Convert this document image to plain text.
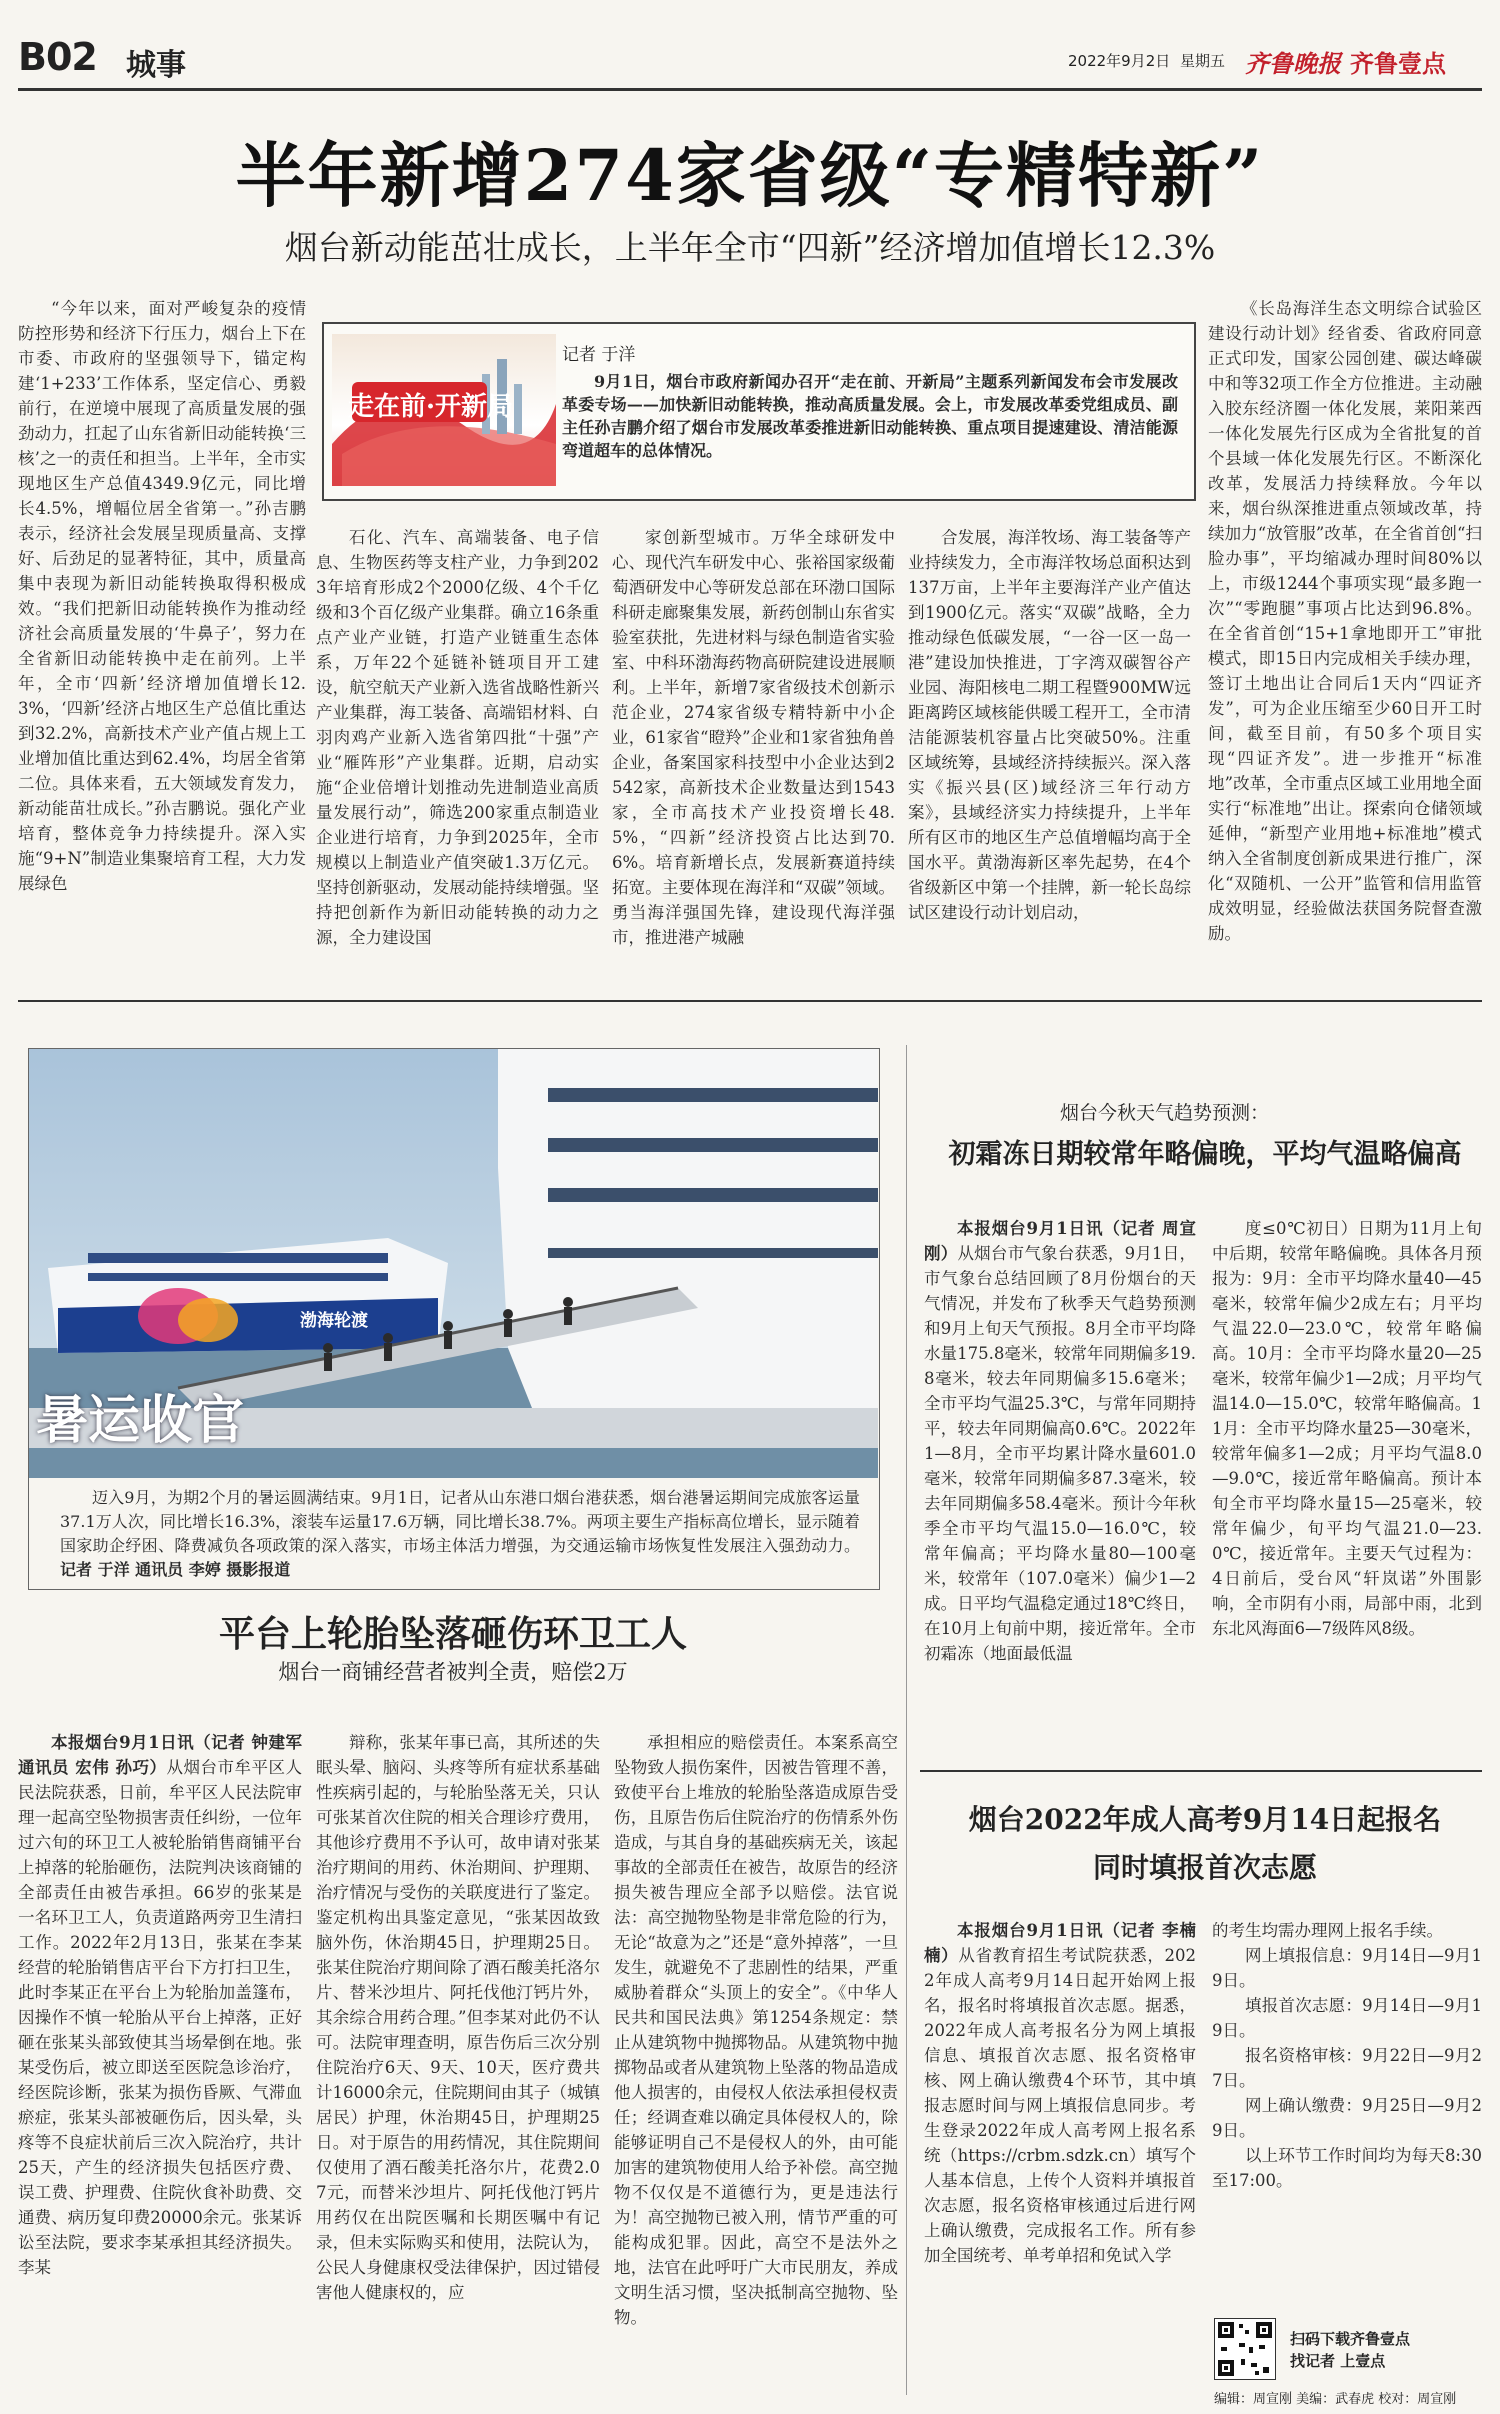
B02 城事	2022年9月2日 星期五 齐鲁晚报 齐鲁壹点
半年新增274家省级“专精特新”
烟台新动能茁壮成长，上半年全市“四新”经济增加值增长12.3%

“今年以来，面对严峻复杂的疫情防控形势和经济下行压力，烟台上下在市委、市政府的坚强领导下，锚定构建‘1+233’工作体系，坚定信心、勇毅前行，在逆境中展现了高质量发展的强劲动力，扛起了山东省新旧动能转换‘三核’之一的责任和担当。上半年，全市实现地区生产总值4349.9亿元，同比增长4.5%，增幅位居全省第一。”孙吉鹏表示，经济社会发展呈现质量高、支撑好、后劲足的显著特征，其中，质量高集中表现为新旧动能转换取得积极成效。“我们把新旧动能转换作为推动经济社会高质量发展的‘牛鼻子’，努力在全省新旧动能转换中走在前列。上半年，全市‘四新’经济增加值增长12.3%，‘四新’经济占地区生产总值比重达到32.2%，高新技术产业产值占规上工业增加值比重达到62.4%，均居全省第二位。具体来看，五大领域发育发力，新动能苗壮成长。”孙吉鹏说。强化产业培育，整体竞争力持续提升。深入实施“9+N”制造业集聚培育工程，大力发展绿色

走在前·开新局
记者 于洋

9月1日，烟台市政府新闻办召开“走在前、开新局”主题系列新闻发布会市发展改革委专场——加快新旧动能转换，推动高质量发展。会上，市发展改革委党组成员、副主任孙吉鹏介绍了烟台市发展改革委推进新旧动能转换、重点项目提速建设、清洁能源弯道超车的总体情况。

石化、汽车、高端装备、电子信息、生物医药等支柱产业，力争到2023年培育形成2个2000亿级、4个千亿级和3个百亿级产业集群。确立16条重点产业产业链，打造产业链重生态体系，万年22个延链补链项目开工建设，航空航天产业新入选省战略性新兴产业集群，海工装备、高端铝材料、白羽肉鸡产业新入选省第四批“十强”产业“雁阵形”产业集群。近期，启动实施“企业倍增计划推动先进制造业高质量发展行动”，筛选200家重点制造业企业进行培育，力争到2025年，全市规模以上制造业产值突破1.3万亿元。坚持创新驱动，发展动能持续增强。坚持把创新作为新旧动能转换的动力之源，全力建设国

家创新型城市。万华全球研发中心、现代汽车研发中心、张裕国家级葡萄酒研发中心等研发总部在环渤口国际科研走廊聚集发展，新药创制山东省实验室获批，先进材料与绿色制造省实验室、中科环渤海药物高研院建设进展顺利。上半年，新增7家省级技术创新示范企业，274家省级专精特新中小企业，61家省“瞪羚”企业和1家省独角兽企业，备案国家科技型中小企业达到2542家，高新技术企业数量达到1543家，全市高技术产业投资增长48.5%，“四新”经济投资占比达到70.6%。培育新增长点，发展新赛道持续拓宽。主要体现在海洋和“双碳”领域。勇当海洋强国先锋，建设现代海洋强市，推进港产城融

合发展，海洋牧场、海工装备等产业持续发力，全市海洋牧场总面积达到137万亩，上半年主要海洋产业产值达到1900亿元。落实“双碳”战略，全力推动绿色低碳发展，“一谷一区一岛一港”建设加快推进，丁字湾双碳智谷产业园、海阳核电二期工程暨900MW远距离跨区域核能供暖工程开工，全市清洁能源装机容量占比突破50%。注重区域统筹，县域经济持续振兴。深入落实《振兴县(区)域经济三年行动方案》，县域经济实力持续提升，上半年所有区市的地区生产总值增幅均高于全国水平。黄渤海新区率先起势，在4个省级新区中第一个挂牌，新一轮长岛综试区建设行动计划启动，

《长岛海洋生态文明综合试验区建设行动计划》经省委、省政府同意正式印发，国家公园创建、碳达峰碳中和等32项工作全方位推进。主动融入胶东经济圈一体化发展，莱阳莱西一体化发展先行区成为全省批复的首个县域一体化发展先行区。不断深化改革，发展活力持续释放。今年以来，烟台纵深推进重点领域改革，持续加力“放管服”改革，在全省首创“扫脸办事”，平均缩减办理时间80%以上，市级1244个事项实现“最多跑一次”“零跑腿”事项占比达到96.8%。在全省首创“15+1拿地即开工”审批模式，即15日内完成相关手续办理，签订土地出让合同后1天内“四证齐发”，可为企业压缩至少60日开工时间，截至目前，有50多个项目实现“四证齐发”。进一步推开“标准地”改革，全市重点区域工业用地全面实行“标准地”出让。探索向仓储领域延伸，“新型产业用地+标准地”模式纳入全省制度创新成果进行推广，深化“双随机、一公开”监管和信用监管成效明显，经验做法获国务院督查激励。

渤海轮渡
暑运收官

迈入9月，为期2个月的暑运圆满结束。9月1日，记者从山东港口烟台港获悉，烟台港暑运期间完成旅客运量37.1万人次，同比增长16.3%，滚装车运量17.6万辆，同比增长38.7%。两项主要生产指标高位增长，显示随着国家助企纾困、降费减负各项政策的深入落实，市场主体活力增强，为交通运输市场恢复性发展注入强劲动力。记者 于洋 通讯员 李婷 摄影报道

平台上轮胎坠落砸伤环卫工人
烟台一商铺经营者被判全责，赔偿2万

本报烟台9月1日讯（记者 钟建军 通讯员 宏伟 孙巧）从烟台市牟平区人民法院获悉，日前，牟平区人民法院审理一起高空坠物损害责任纠纷，一位年过六旬的环卫工人被轮胎销售商铺平台上掉落的轮胎砸伤，法院判决该商铺的全部责任由被告承担。66岁的张某是一名环卫工人，负责道路两旁卫生清扫工作。2022年2月13日，张某在李某经营的轮胎销售店平台下方打扫卫生，此时李某正在平台上为轮胎加盖篷布，因操作不慎一轮胎从平台上掉落，正好砸在张某头部致使其当场晕倒在地。张某受伤后，被立即送至医院急诊治疗，经医院诊断，张某为损伤昏厥、气滞血瘀症，张某头部被砸伤后，因头晕，头疼等不良症状前后三次入院治疗，共计25天，产生的经济损失包括医疗费、误工费、护理费、住院伙食补助费、交通费、病历复印费20000余元。张某诉讼至法院，要求李某承担其经济损失。李某

辩称，张某年事已高，其所述的失眠头晕、脑闷、头疼等所有症状系基础性疾病引起的，与轮胎坠落无关，只认可张某首次住院的相关合理诊疗费用，其他诊疗费用不予认可，故申请对张某治疗期间的用药、休治期间、护理期、治疗情况与受伤的关联度进行了鉴定。鉴定机构出具鉴定意见，“张某因故致脑外伤，休治期45日，护理期25日。张某住院治疗期间除了酒石酸美托洛尔片、替米沙坦片、阿托伐他汀钙片外，其余综合用药合理。”但李某对此仍不认可。法院审理查明，原告伤后三次分别住院治疗6天、9天、10天，医疗费共计16000余元，住院期间由其子（城镇居民）护理，休治期45日，护理期25日。对于原告的用药情况，其住院期间仅使用了酒石酸美托洛尔片，花费2.07元，而替米沙坦片、阿托伐他汀钙片用药仅在出院医嘱和长期医嘱中有记录，但未实际购买和使用，法院认为，公民人身健康权受法律保护，因过错侵害他人健康权的，应

承担相应的赔偿责任。本案系高空坠物致人损伤案件，因被告管理不善，致使平台上堆放的轮胎坠落造成原告受伤，且原告伤后住院治疗的伤情系外伤造成，与其自身的基础疾病无关，该起事故的全部责任在被告，故原告的经济损失被告理应全部予以赔偿。法官说法：高空抛物坠物是非常危险的行为，无论“故意为之”还是“意外掉落”，一旦发生，就避免不了悲剧性的结果，严重威胁着群众“头顶上的安全”。《中华人民共和国民法典》第1254条规定：禁止从建筑物中抛掷物品。从建筑物中抛掷物品或者从建筑物上坠落的物品造成他人损害的，由侵权人依法承担侵权责任；经调查难以确定具体侵权人的，除能够证明自己不是侵权人的外，由可能加害的建筑物使用人给予补偿。高空抛物不仅仅是不道德行为，更是违法行为！高空抛物已被入刑，情节严重的可能构成犯罪。因此，高空不是法外之地，法官在此呼吁广大市民朋友，养成文明生活习惯，坚决抵制高空抛物、坠物。

烟台今秋天气趋势预测：
初霜冻日期较常年略偏晚，平均气温略偏高

本报烟台9月1日讯（记者 周宣刚）从烟台市气象台获悉，9月1日，市气象台总结回顾了8月份烟台的天气情况，并发布了秋季天气趋势预测和9月上旬天气预报。8月全市平均降水量175.8毫米，较常年同期偏多19.8毫米，较去年同期偏多15.6毫米；全市平均气温25.3℃，与常年同期持平，较去年同期偏高0.6℃。2022年1—8月，全市平均累计降水量601.0毫米，较常年同期偏多87.3毫米，较去年同期偏多58.4毫米。预计今年秋季全市平均气温15.0—16.0℃，较常年偏高；平均降水量80—100毫米，较常年（107.0毫米）偏少1—2成。日平均气温稳定通过18℃终日，在10月上旬前中期，接近常年。全市初霜冻（地面最低温

度≤0℃初日）日期为11月上旬中后期，较常年略偏晚。具体各月预报为：9月：全市平均降水量40—45毫米，较常年偏少2成左右；月平均气温22.0—23.0℃，较常年略偏高。10月：全市平均降水量20—25毫米，较常年偏少1—2成；月平均气温14.0—15.0℃，较常年略偏高。11月：全市平均降水量25—30毫米，较常年偏多1—2成；月平均气温8.0—9.0℃，接近常年略偏高。预计本旬全市平均降水量15—25毫米，较常年偏少，旬平均气温21.0—23.0℃，接近常年。主要天气过程为：4日前后，受台风“轩岚诺”外围影响，全市阴有小雨，局部中雨，北到东北风海面6—7级阵风8级。

烟台2022年成人高考9月14日起报名
同时填报首次志愿

本报烟台9月1日讯（记者 李楠楠）从省教育招生考试院获悉，2022年成人高考9月14日起开始网上报名，报名时将填报首次志愿。据悉，2022年成人高考报名分为网上填报信息、填报首次志愿、报名资格审核、网上确认缴费4个环节，其中填报志愿时间与网上填报信息同步。考生登录2022年成人高考网上报名系统（https://crbm.sdzk.cn）填写个人基本信息，上传个人资料并填报首次志愿，报名资格审核通过后进行网上确认缴费，完成报名工作。所有参加全国统考、单考单招和免试入学

的考生均需办理网上报名手续。

网上填报信息：9月14日—9月19日。

填报首次志愿：9月14日—9月19日。

报名资格审核：9月22日—9月27日。

网上确认缴费：9月25日—9月29日。

以上环节工作时间均为每天8:30至17:00。

扫码下载齐鲁壹点
找记者 上壹点
编辑：周宣刚 美编：武春虎 校对：周宣刚
